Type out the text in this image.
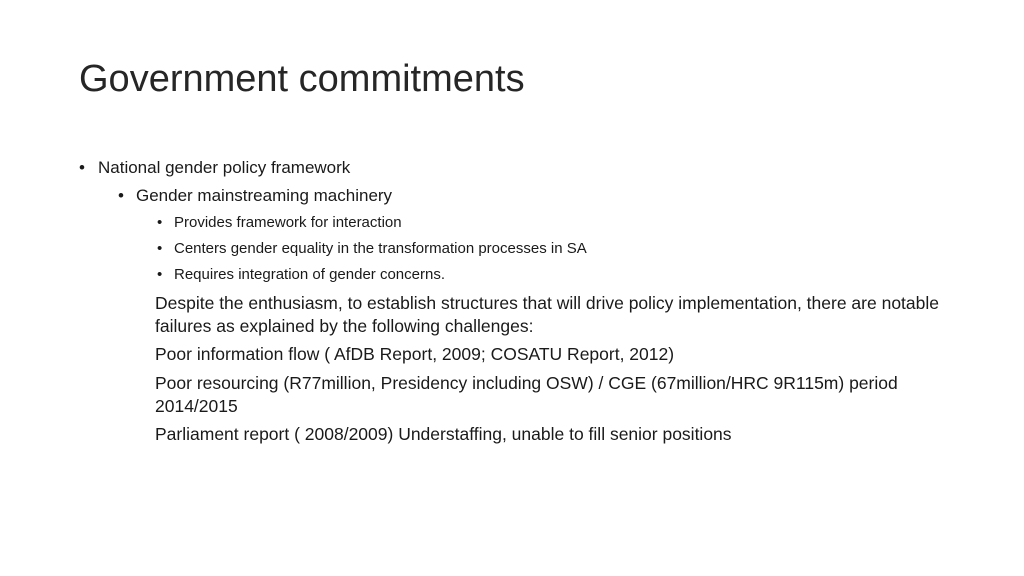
Government commitments
• National gender policy framework
• Gender mainstreaming machinery
• Provides framework for interaction
• Centers gender equality in the transformation processes in SA
• Requires integration of gender concerns.
Despite the enthusiasm, to establish structures that will drive policy implementation, there are notable failures as explained by the following challenges:
Poor information flow ( AfDB Report, 2009; COSATU Report, 2012)
Poor resourcing (R77million, Presidency including OSW) / CGE (67million/HRC 9R115m) period 2014/2015
Parliament report ( 2008/2009) Understaffing, unable to fill senior positions
